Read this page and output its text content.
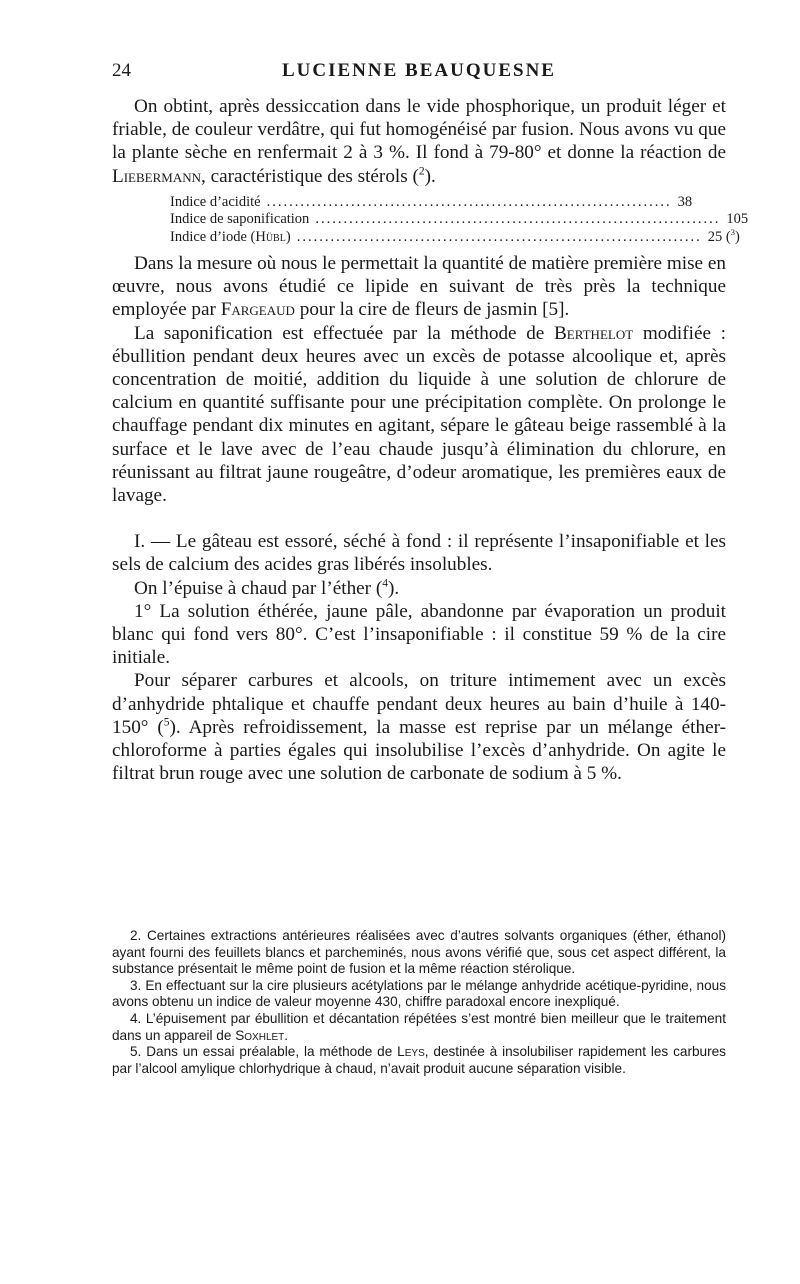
24	LUCIENNE BEAUQUESNE

On obtint, après dessiccation dans le vide phosphorique, un produit léger et friable, de couleur verdâtre, qui fut homogénéisé par fusion. Nous avons vu que la plante sèche en renfermait 2 à 3 %. Il fond à 79-80° et donne la réaction de Liebermann, caractéristique des stérols ($^2$).

Indice d’acidité ........................................................................ 38
Indice de saponification ........................................................................ 105
Indice d’iode (Hübl) ........................................................................ 25 ($^3$)

Dans la mesure où nous le permettait la quantité de matière première mise en œuvre, nous avons étudié ce lipide en suivant de très près la technique employée par Fargeaud pour la cire de fleurs de jasmin [5].

La saponification est effectuée par la méthode de Berthelot modifiée : ébullition pendant deux heures avec un excès de potasse alcoolique et, après concentration de moitié, addition du liquide à une solution de chlorure de calcium en quantité suffisante pour une précipitation complète. On prolonge le chauffage pendant dix minutes en agitant, sépare le gâteau beige rassemblé à la surface et le lave avec de l’eau chaude jusqu’à élimination du chlorure, en réunissant au filtrat jaune rougeâtre, d’odeur aromatique, les premières eaux de lavage.

I. — Le gâteau est essoré, séché à fond : il représente l’insaponifiable et les sels de calcium des acides gras libérés insolubles.

On l’épuise à chaud par l’éther ($^4$).

1° La solution éthérée, jaune pâle, abandonne par évaporation un produit blanc qui fond vers 80°. C’est l’insaponifiable : il constitue 59 % de la cire initiale.

Pour séparer carbures et alcools, on triture intimement avec un excès d’anhydride phtalique et chauffe pendant deux heures au bain d’huile à 140-150° ($^5$). Après refroidissement, la masse est reprise par un mélange éther-chloroforme à parties égales qui insolubilise l’excès d’anhydride. On agite le filtrat brun rouge avec une solution de carbonate de sodium à 5 %.

2. Certaines extractions antérieures réalisées avec d’autres solvants organiques (éther, éthanol) ayant fourni des feuillets blancs et parcheminés, nous avons vérifié que, sous cet aspect différent, la substance présentait le même point de fusion et la même réaction stérolique.

3. En effectuant sur la cire plusieurs acétylations par le mélange anhydride acétique-pyridine, nous avons obtenu un indice de valeur moyenne 430, chiffre paradoxal encore inexpliqué.

4. L’épuisement par ébullition et décantation répétées s’est montré bien meilleur que le traitement dans un appareil de Soxhlet.

5. Dans un essai préalable, la méthode de Leys, destinée à insolubiliser rapidement les carbures par l’alcool amylique chlorhydrique à chaud, n’avait produit aucune séparation visible.
